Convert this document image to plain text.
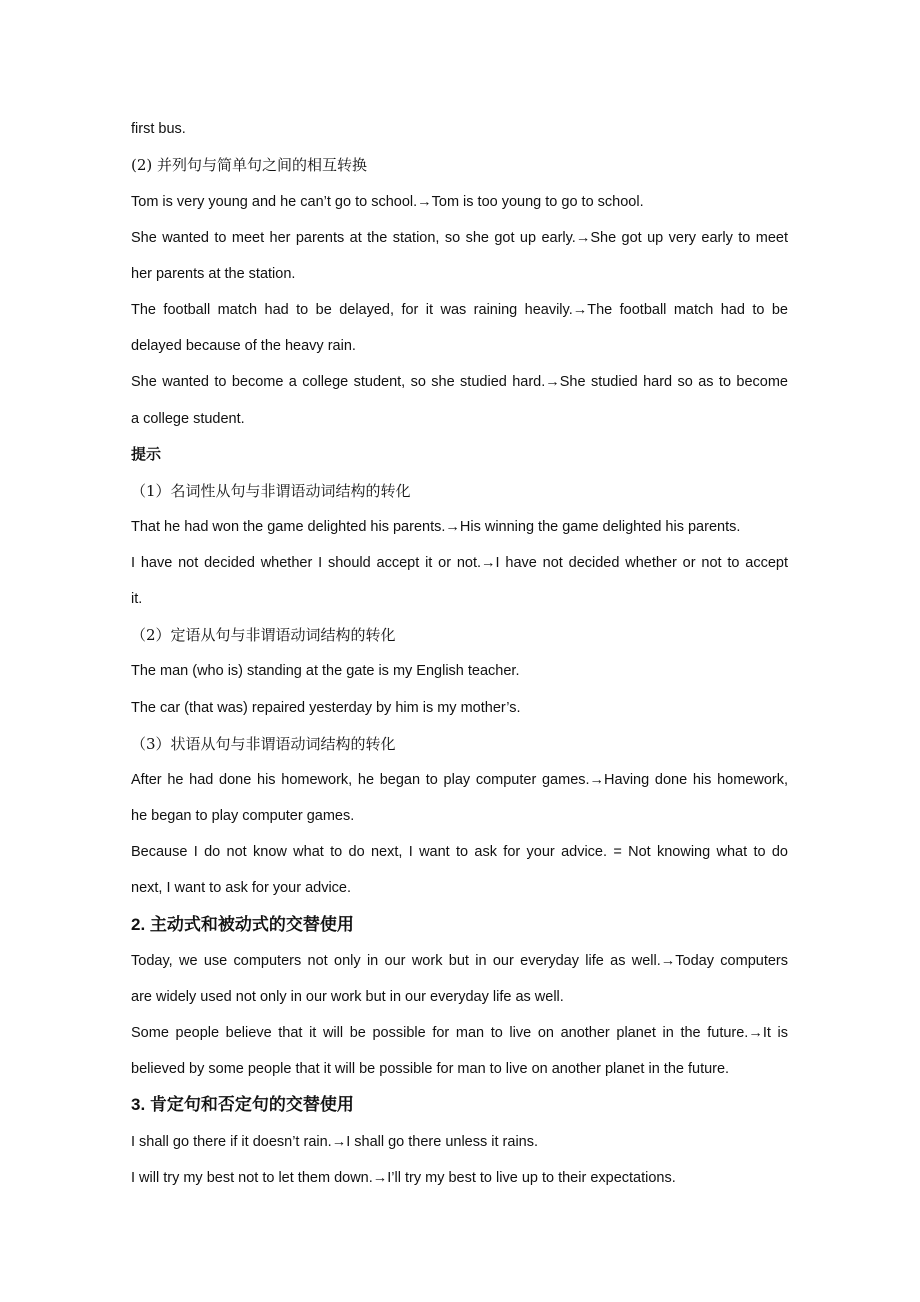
first bus.
(2) 并列句与简单句之间的相互转换
Tom is very young and he can’t go to school.→Tom is too young to go to school.
She wanted to meet her parents at the station, so she got up early.→She got up very early to meet
her parents at the station.
The football match had to be delayed, for it was raining heavily.→The football match had to be
delayed because of the heavy rain.
She wanted to become a college student, so she studied hard.→She studied hard so as to become
a college student.
提示
（1）名词性从句与非谓语动词结构的转化
That he had won the game delighted his parents.→His winning the game delighted his parents.
I have not decided whether I should accept it or not.→I have not decided whether or not to accept
it.
（2）定语从句与非谓语动词结构的转化
The man (who is) standing at the gate is my English teacher.
The car (that was) repaired yesterday by him is my mother’s.
（3）状语从句与非谓语动词结构的转化
After he had done his homework, he began to play computer games.→Having done his homework,
he began to play computer games.
Because I do not know what to do next, I want to ask for your advice. = Not knowing what to do
next, I want to ask for your advice.
2. 主动式和被动式的交替使用
Today, we use computers not only in our work but in our everyday life as well.→Today computers
are widely used not only in our work but in our everyday life as well.
Some people believe that it will be possible for man to live on another planet in the future.→It is
believed by some people that it will be possible for man to live on another planet in the future.
3. 肯定句和否定句的交替使用
I shall go there if it doesn’t rain.→I shall go there unless it rains.
I will try my best not to let them down.→I’ll try my best to live up to their expectations.
